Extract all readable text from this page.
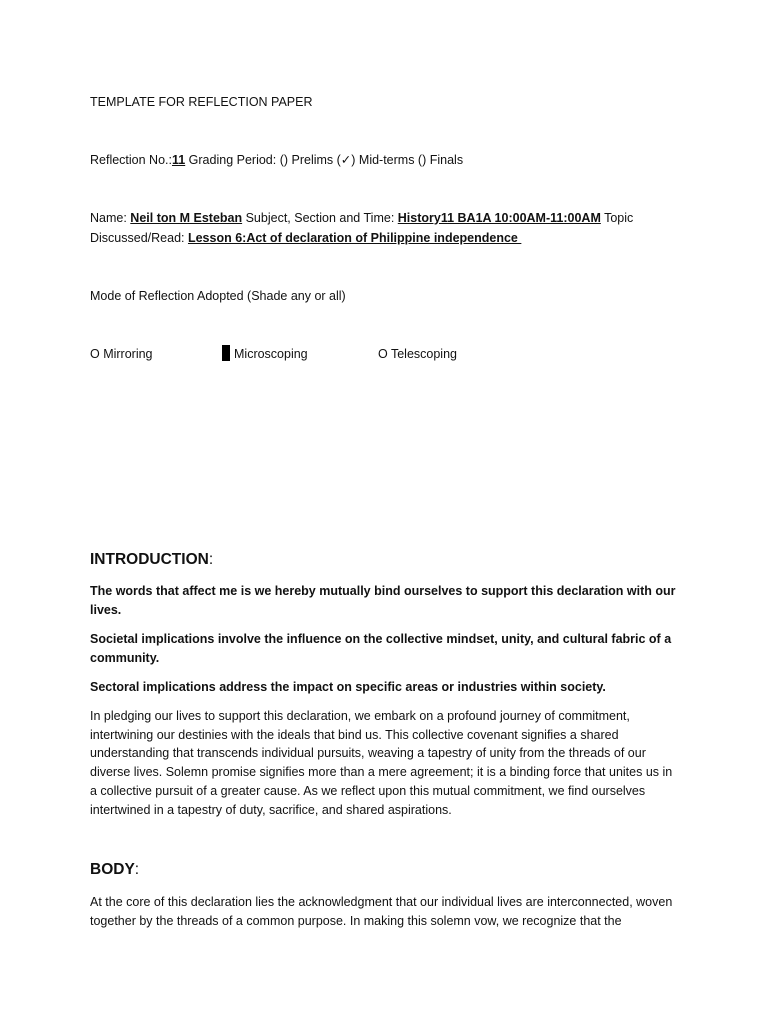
TEMPLATE FOR REFLECTION PAPER
Reflection No.:11 Grading Period: () Prelims (✓) Mid-terms () Finals
Name: Neil ton M Esteban Subject, Section and Time: History11 BA1A 10:00AM-11:00AM Topic
Discussed/Read: Lesson 6:Act of declaration of Philippine independence
Mode of Reflection Adopted (Shade any or all)
O Mirroring	Microscoping	O Telescoping
INTRODUCTION:
The words that affect me is we hereby mutually bind ourselves to support this declaration with our lives.
Societal implications involve the influence on the collective mindset, unity, and cultural fabric of a community.
Sectoral implications address the impact on specific areas or industries within society.
In pledging our lives to support this declaration, we embark on a profound journey of commitment, intertwining our destinies with the ideals that bind us. This collective covenant signifies a shared understanding that transcends individual pursuits, weaving a tapestry of unity from the threads of our diverse lives. Solemn promise signifies more than a mere agreement; it is a binding force that unites us in a collective pursuit of a greater cause. As we reflect upon this mutual commitment, we find ourselves intertwined in a tapestry of duty, sacrifice, and shared aspirations.
BODY:
At the core of this declaration lies the acknowledgment that our individual lives are interconnected, woven together by the threads of a common purpose. In making this solemn vow, we recognize that the
